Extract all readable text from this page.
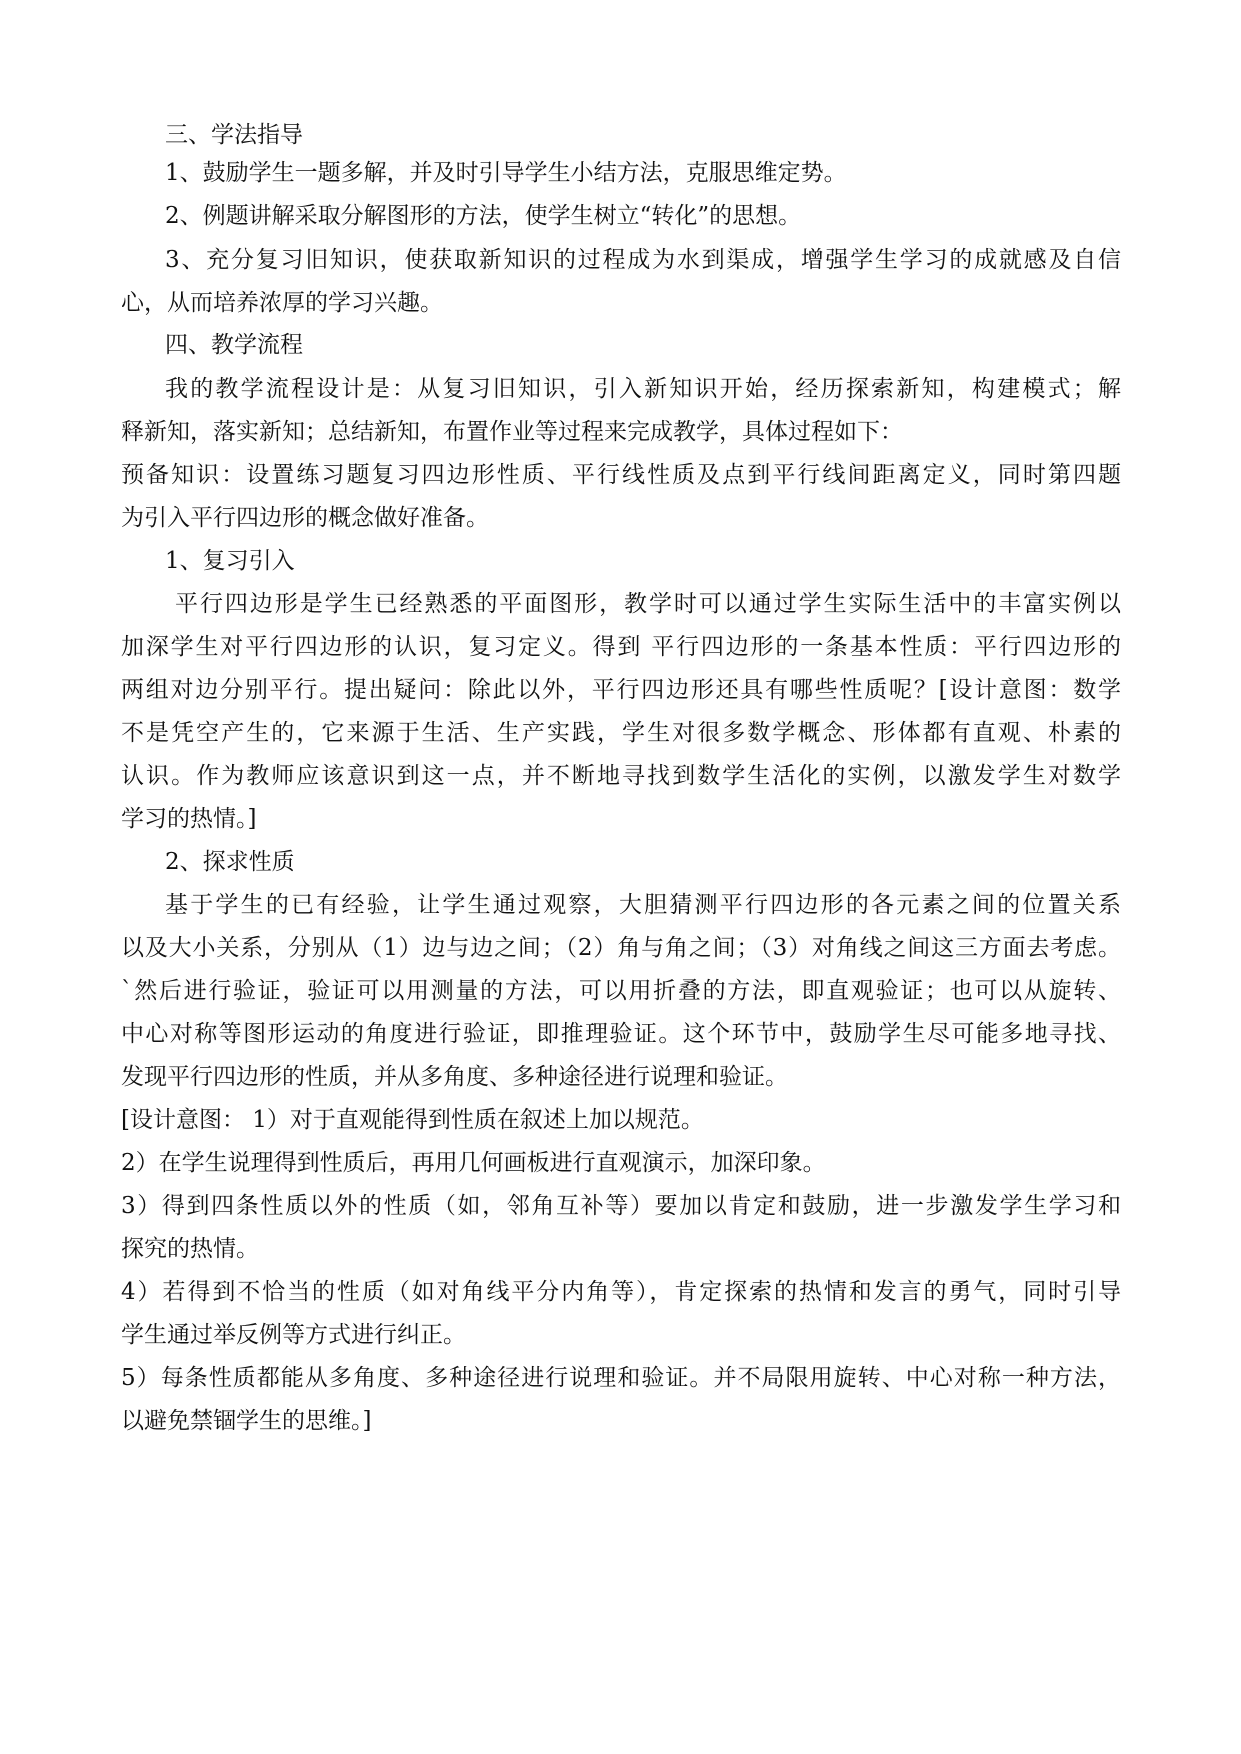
三、学法指导
1、鼓励学生一题多解，并及时引导学生小结方法，克服思维定势。
2、例题讲解采取分解图形的方法，使学生树立“转化”的思想。
3、充分复习旧知识，使获取新知识的过程成为水到渠成，增强学生学习的成就感及自信
心，从而培养浓厚的学习兴趣。
四、教学流程
我的教学流程设计是：从复习旧知识，引入新知识开始，经历探索新知，构建模式；解
释新知，落实新知；总结新知，布置作业等过程来完成教学，具体过程如下：
预备知识：设置练习题复习四边形性质、平行线性质及点到平行线间距离定义，同时第四题
为引入平行四边形的概念做好准备。
1、复习引入
平行四边形是学生已经熟悉的平面图形，教学时可以通过学生实际生活中的丰富实例以
加深学生对平行四边形的认识，复习定义。得到 平行四边形的一条基本性质：平行四边形的
两组对边分别平行。提出疑问：除此以外，平行四边形还具有哪些性质呢？[设计意图：数学
不是凭空产生的，它来源于生活、生产实践，学生对很多数学概念、形体都有直观、朴素的
认识。作为教师应该意识到这一点，并不断地寻找到数学生活化的实例，以激发学生对数学
学习的热情。]
2、探求性质
基于学生的已有经验，让学生通过观察，大胆猜测平行四边形的各元素之间的位置关系
以及大小关系，分别从（1）边与边之间；（2）角与角之间；（3）对角线之间这三方面去考虑。
`然后进行验证，验证可以用测量的方法，可以用折叠的方法，即直观验证；也可以从旋转、
中心对称等图形运动的角度进行验证，即推理验证。这个环节中，鼓励学生尽可能多地寻找、
发现平行四边形的性质，并从多角度、多种途径进行说理和验证。
[设计意图： 1）对于直观能得到性质在叙述上加以规范。
2）在学生说理得到性质后，再用几何画板进行直观演示，加深印象。
3）得到四条性质以外的性质（如，邻角互补等）要加以肯定和鼓励，进一步激发学生学习和
探究的热情。
4）若得到不恰当的性质（如对角线平分内角等），肯定探索的热情和发言的勇气，同时引导
学生通过举反例等方式进行纠正。
5）每条性质都能从多角度、多种途径进行说理和验证。并不局限用旋转、中心对称一种方法，
以避免禁锢学生的思维。]
